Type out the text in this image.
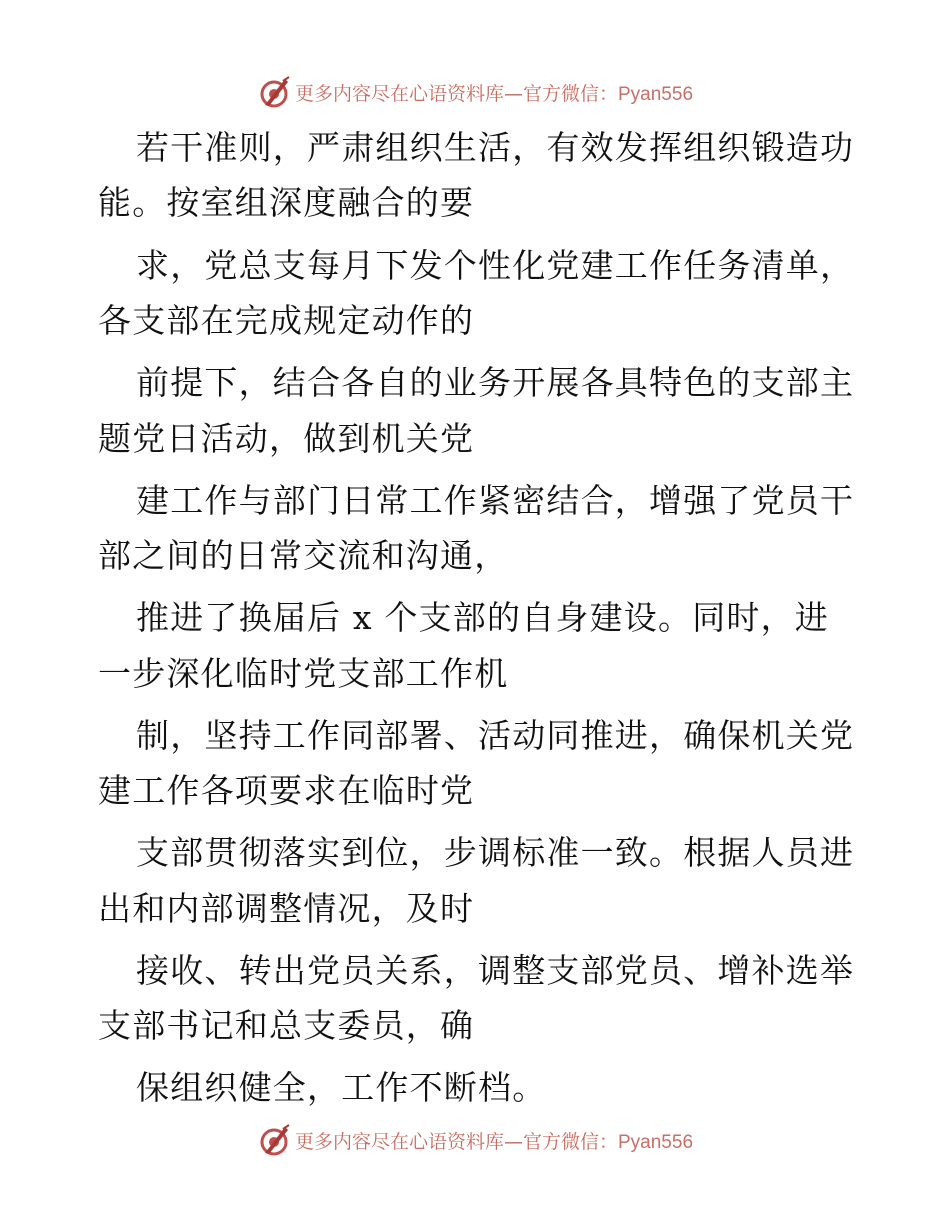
更多内容尽在心语资料库—官方微信：Pyan556
若干准则，严肃组织生活，有效发挥组织锻造功
能。按室组深度融合的要
求，党总支每月下发个性化党建工作任务清单，
各支部在完成规定动作的
前提下，结合各自的业务开展各具特色的支部主
题党日活动，做到机关党
建工作与部门日常工作紧密结合，增强了党员干
部之间的日常交流和沟通，
推进了换届后 x 个支部的自身建设。同时，进
一步深化临时党支部工作机
制，坚持工作同部署、活动同推进，确保机关党
建工作各项要求在临时党
支部贯彻落实到位，步调标准一致。根据人员进
出和内部调整情况，及时
接收、转出党员关系，调整支部党员、增补选举
支部书记和总支委员，确
保组织健全，工作不断档。
更多内容尽在心语资料库—官方微信：Pyan556
